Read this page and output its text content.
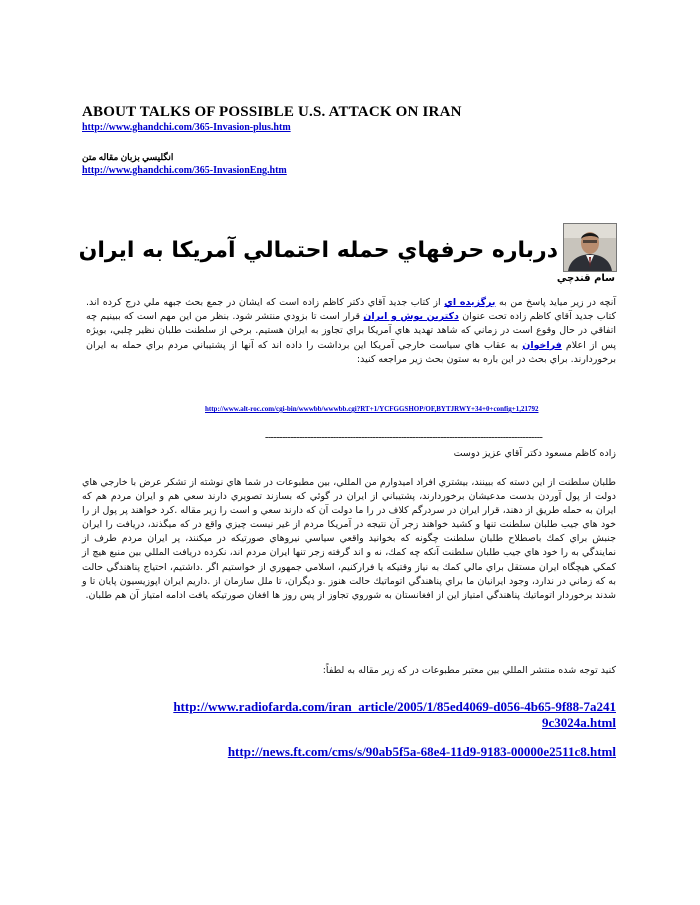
ABOUT TALKS OF POSSIBLE U.S. ATTACK ON IRAN
http://www.ghandchi.com/365-Invasion-plus.htm
انگليسي بزبان مقاله متن
http://www.ghandchi.com/365-InvasionEng.htm
درباره حرفهاي حمله احتمالي آمريکا به ايران
سام قندچي
آنچه در زير ميايد پاسخ من به برگزيده اي از كتاب جديد آقاي دكتر كاظم زاده است كه ايشان در جمع بحث جبهه ملي درج كرده اند. كتاب جديد آقاي كاظم زاده تحت عنوان دكترين بوش و ايران قرار است تا بزودي منتشر شود. بنظر من اين مهم است كه ببينيم چه اتفاقي در حال وقوع است در زماني كه شاهد تهديد هاي آمريكا براي تجاوز به ايران هستيم. برخي از سلطنت طلبان نظير چلبي، بويژه پس از اعلام فراخوان به عقاب هاي سياست خارجي آمريكا اين برداشت را داده اند كه آنها از پشتيباني مردم براي حمله به ايران برخوردارند. براي بحث در اين باره به ستون بحث زير مراجعه كنيد:
http://www.alt-roc.com/cgi-bin/wwwbb/wwwbb.cgi?RT+1/YCFGGSHOP/OF,BYTJRWY+34+0+config+1,21792
--------------------------------------------------------------------------------------------------
زاده كاظم مسعود دكتر آقاي عزيز دوست
طلبان سلطنت از اين دسته كه ببينند، بيشتري افراد اميدوارم من المللي، بين مطبوعات در شما هاي نوشته از تشكر عرض با خارجي هاي دولت از پول آوردن بدست مدعيشان برخوردارند، پشتيباني از ايران در گوئي كه بسازند تصويري دارند سعي هم و ايران مردم هم كه ايران به حمله طريق از دهند، قرار ايران در سردرگم كلاف در را ما دولت آن كه دارند سعي و است را زير مقاله .كرد خواهند پر پول از را خود هاي جيب طلبان سلطنت تنها و كشيد خواهند زجر آن نتيجه در آمريكا مردم از غير نيست چيزي واقع در كه ميگذند، دريافت را ايران جنبش براي كمك باصطلاح طلبان سلطنت چگونه كه بخوانيد واقعي سياسي نيروهاي صورتيكه در ميكنند، پر ايران مردم طرف از نمايندگي به را خود هاي جيب طلبان سلطنت آنكه چه كمك، نه و اند گرفته زجر تنها ايران مردم اند، نكرده دريافت المللي بين منبع هيچ از كمكي هيچگاه ايران مستقل براي مالي كمك به نياز وقتيكه يا فراركنيم، اسلامي جمهوري از خواستيم اگر .داشتيم، احتياج پناهندگي حالت به كه زماني در ندارد، وجود ايرانيان ما براي پناهندگي اتوماتيك حالت هنوز .و ديگران، تا ملل سازمان از .داريم ايران اپوزيسيون پايان تا و شدند برخوردار اتوماتيك پناهندگي امتياز اين از افغانستان به شوروي تجاوز از پس روز ها افغان صورتيكه يافت ادامه امتياز آن هم طلبان.
كنيد توجه شده منتشر المللي بين معتبر مطبوعات در كه زير مقاله به لطفاً:
http://www.radiofarda.com/iran_article/2005/1/85ed4069-d056-4b65-9f88-7a2419c3024a.html
http://news.ft.com/cms/s/90ab5f5a-68e4-11d9-9183-00000e2511c8.html
